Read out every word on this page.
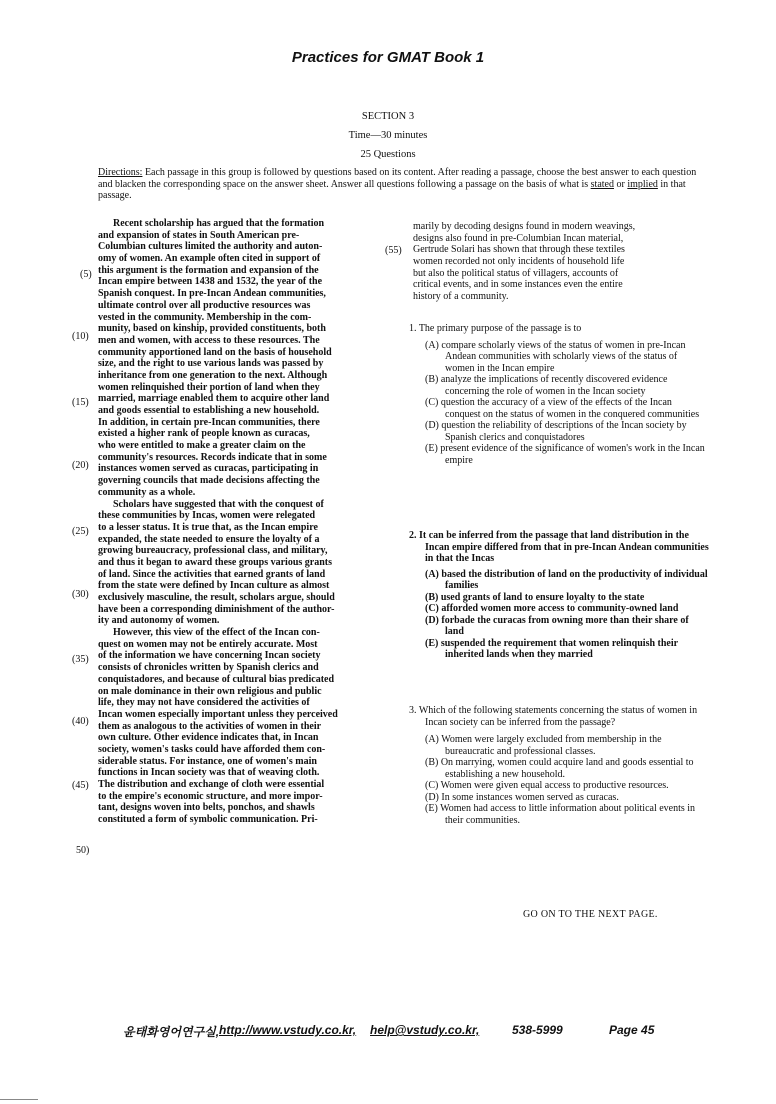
Practices for GMAT Book 1
SECTION 3
Time—30 minutes
25 Questions
Directions: Each passage in this group is followed by questions based on its content. After reading a passage, choose the best answer to each question and blacken the corresponding space on the answer sheet. Answer all questions following a passage on the basis of what is stated or implied in that passage.
Recent scholarship has argued that the formation
and expansion of states in South American pre-
Columbian cultures limited the authority and auton-
omy of women. An example often cited in support of
this argument is the formation and expansion of the
Incan empire between 1438 and 1532, the year of the
Spanish conquest. In pre-Incan Andean communities,
ultimate control over all productive resources was
vested in the community. Membership in the com-
munity, based on kinship, provided constituents, both
men and women, with access to these resources. The
community apportioned land on the basis of household
size, and the right to use various lands was passed by
inheritance from one generation to the next. Although
women relinquished their portion of land when they
married, marriage enabled them to acquire other land
and goods essential to establishing a new household.
In addition, in certain pre-Incan communities, there
existed a higher rank of people known as curacas,
who were entitled to make a greater claim on the
community's resources. Records indicate that in some
instances women served as curacas, participating in
governing councils that made decisions affecting the
community as a whole.
Scholars have suggested that with the conquest of
these communities by Incas, women were relegated
to a lesser status. It is true that, as the Incan empire
expanded, the state needed to ensure the loyalty of a
growing bureaucracy, professional class, and military,
and thus it began to award these groups various grants
of land. Since the activities that earned grants of land
from the state were defined by Incan culture as almost
exclusively masculine, the result, scholars argue, should
have been a corresponding diminishment of the author-
ity and autonomy of women.
However, this view of the effect of the Incan con-
quest on women may not be entirely accurate. Most
of the information we have concerning Incan society
consists of chronicles written by Spanish clerics and
conquistadores, and because of cultural bias predicated
on male dominance in their own religious and public
life, they may not have considered the activities of
Incan women especially important unless they perceived
them as analogous to the activities of women in their
own culture. Other evidence indicates that, in Incan
society, women's tasks could have afforded them con-
siderable status. For instance, one of women's main
functions in Incan society was that of weaving cloth.
The distribution and exchange of cloth were essential
to the empire's economic structure, and more impor-
tant, designs woven into belts, ponchos, and shawls
constituted a form of symbolic communication. Pri-
marily by decoding designs found in modern weavings,
designs also found in pre-Columbian Incan material,
Gertrude Solari has shown that through these textiles
women recorded not only incidents of household life
but also the political status of villagers, accounts of
critical events, and in some instances even the entire
history of a community.
(5)
(10)
(15)
(20)
(25)
(30)
(35)
(40)
(45)
50)
(55)
1. The primary purpose of the passage is to
(A) compare scholarly views of the status of women in pre-Incan Andean communities with scholarly views of the status of women in the Incan empire
(B) analyze the implications of recently discovered evidence concerning the role of women in the Incan society
(C) question the accuracy of a view of the effects of the Incan conquest on the status of women in the conquered communities
(D) question the reliability of descriptions of the Incan society by Spanish clerics and conquistadores
(E) present evidence of the significance of women's work in the Incan empire
2. It can be inferred from the passage that land distribution in the Incan empire differed from that in pre-Incan Andean communities in that the Incas
(A) based the distribution of land on the productivity of individual families
(B) used grants of land to ensure loyalty to the state
(C) afforded women more access to community-owned land
(D) forbade the curacas from owning more than their share of land
(E) suspended the requirement that women relinquish their inherited lands when they married
3. Which of the following statements concerning the status of women in Incan society can be inferred from the passage?
(A) Women were largely excluded from membership in the bureaucratic and professional classes.
(B) On marrying, women could acquire land and goods essential to establishing a new household.
(C) Women were given equal access to productive resources.
(D) In some instances women served as curacas.
(E) Women had access to little information about political events in their communities.
GO ON TO THE NEXT PAGE.
윤태화영어연구실, http://www.vstudy.co.kr, help@vstudy.co.kr,	538-5999	Page 45
